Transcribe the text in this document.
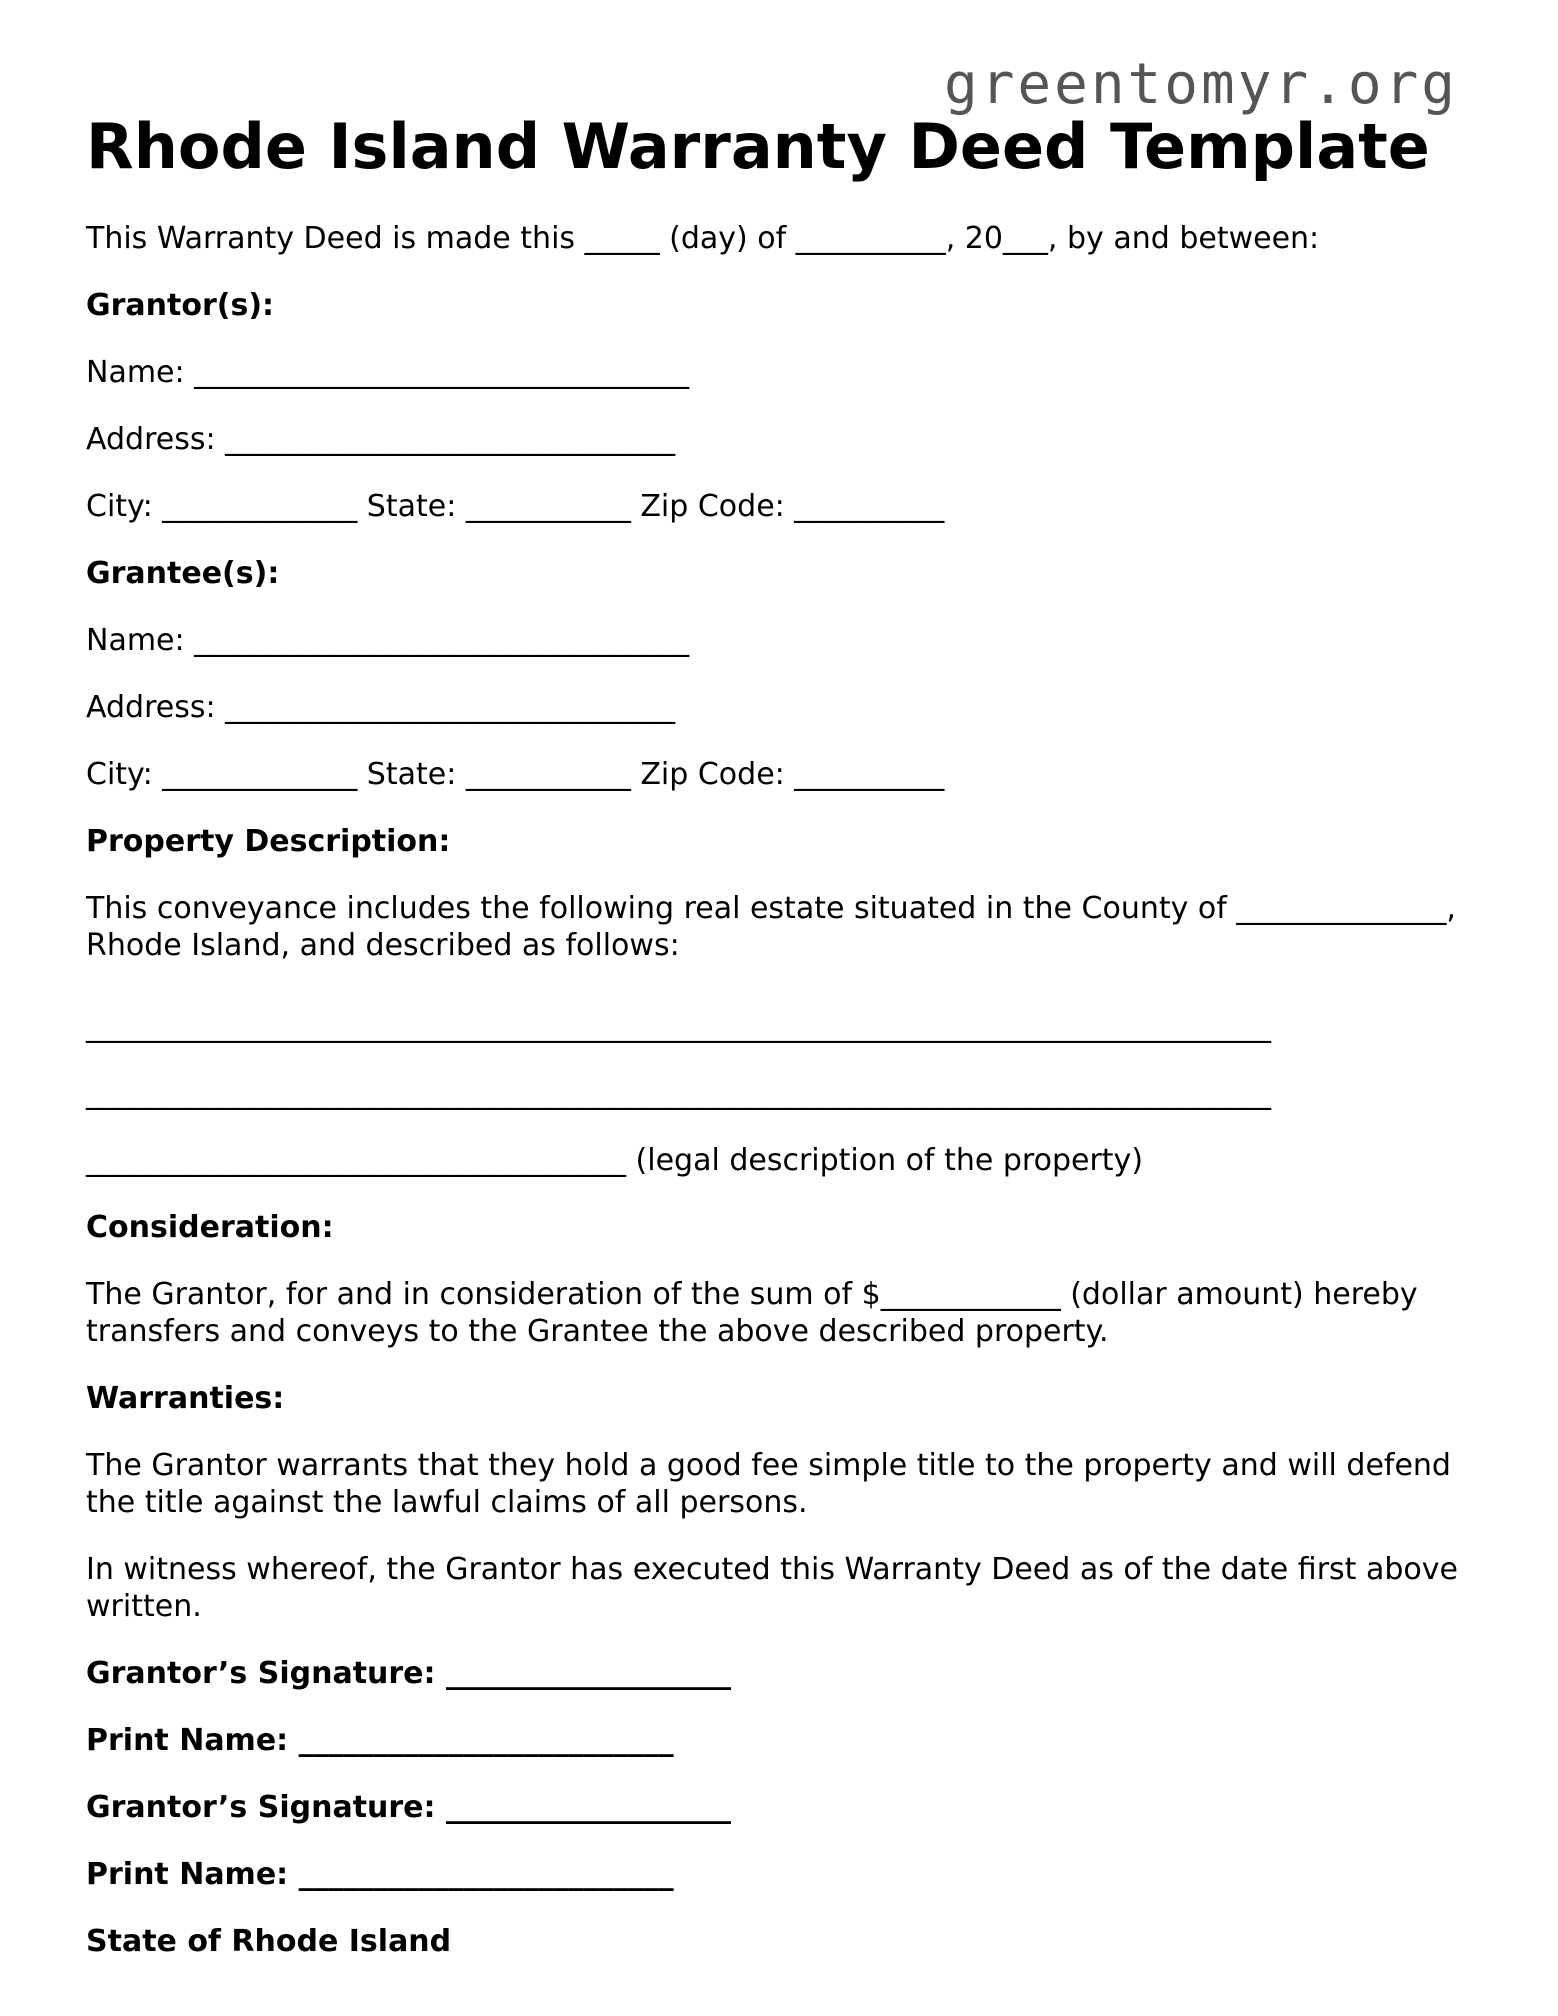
greentomyr.org
Rhode Island Warranty Deed Template

This Warranty Deed is made this _____ (day) of __________, 20___, by and between:

Grantor(s):

Name: _________________________________

Address: ______________________________

City: _____________ State: ___________ Zip Code: __________

Grantee(s):

Name: _________________________________

Address: ______________________________

City: _____________ State: ___________ Zip Code: __________

Property Description:

This conveyance includes the following real estate situated in the County of ______________, Rhode Island, and described as follows:

_______________________________________________________________________________

_______________________________________________________________________________

____________________________________ (legal description of the property)

Consideration:

The Grantor, for and in consideration of the sum of $____________ (dollar amount) hereby transfers and conveys to the Grantee the above described property.

Warranties:

The Grantor warrants that they hold a good fee simple title to the property and will defend the title against the lawful claims of all persons.

In witness whereof, the Grantor has executed this Warranty Deed as of the date first above written.

Grantor’s Signature: ___________________

Print Name: _________________________

Grantor’s Signature: ___________________

Print Name: _________________________

State of Rhode Island
